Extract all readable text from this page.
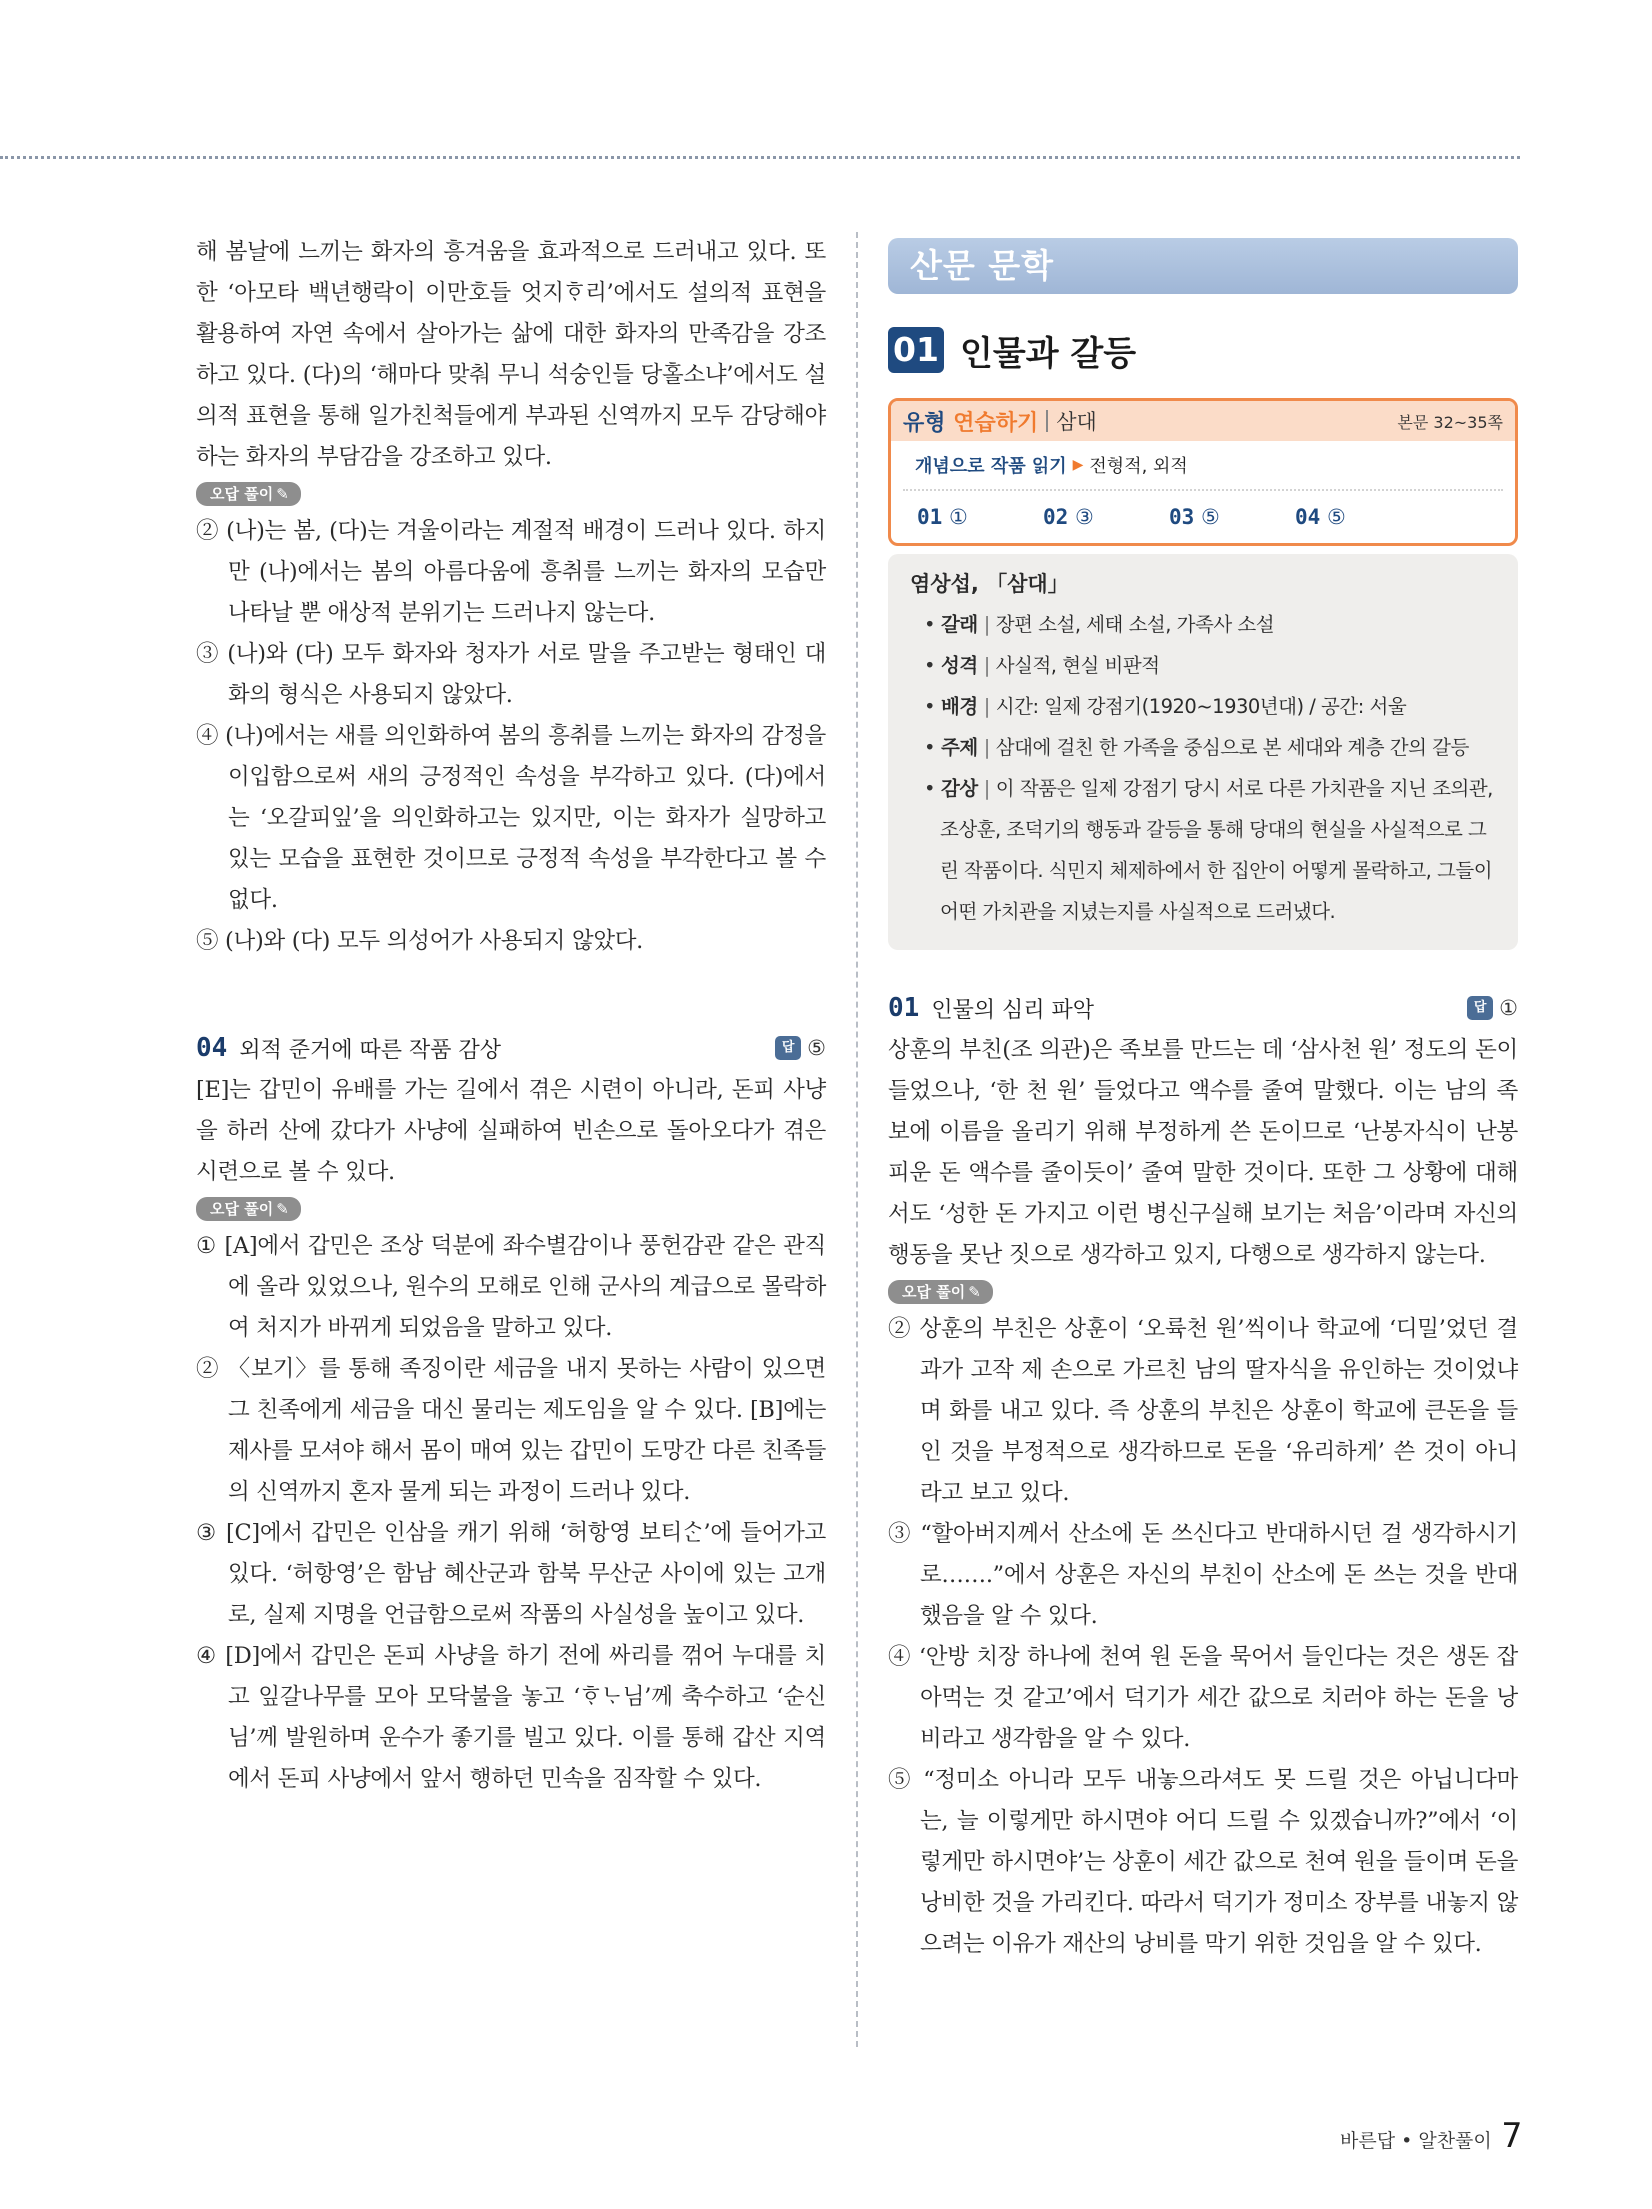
해 봄날에 느끼는 화자의 흥겨움을 효과적으로 드러내고 있다. 또한 ‘아모타 백년행락이 이만호들 엇지ᄒᆞ리’에서도 설의적 표현을 활용하여 자연 속에서 살아가는 삶에 대한 화자의 만족감을 강조하고 있다. (다)의 ‘해마다 맞춰 무니 석숭인들 당홀소냐’에서도 설의적 표현을 통해 일가친척들에게 부과된 신역까지 모두 감당해야 하는 화자의 부담감을 강조하고 있다.

오답 풀이 ✎

② (나)는 봄, (다)는 겨울이라는 계절적 배경이 드러나 있다. 하지만 (나)에서는 봄의 아름다움에 흥취를 느끼는 화자의 모습만 나타날 뿐 애상적 분위기는 드러나지 않는다.

③ (나)와 (다) 모두 화자와 청자가 서로 말을 주고받는 형태인 대화의 형식은 사용되지 않았다.

④ (나)에서는 새를 의인화하여 봄의 흥취를 느끼는 화자의 감정을 이입함으로써 새의 긍정적인 속성을 부각하고 있다. (다)에서는 ‘오갈피잎’을 의인화하고는 있지만, 이는 화자가 실망하고 있는 모습을 표현한 것이므로 긍정적 속성을 부각한다고 볼 수 없다.

⑤ (나)와 (다) 모두 의성어가 사용되지 않았다.

04 외적 준거에 따른 작품 감상	답 ⑤

[E]는 갑민이 유배를 가는 길에서 겪은 시련이 아니라, 돈피 사냥을 하러 산에 갔다가 사냥에 실패하여 빈손으로 돌아오다가 겪은 시련으로 볼 수 있다.

오답 풀이 ✎

① [A]에서 갑민은 조상 덕분에 좌수별감이나 풍헌감관 같은 관직에 올라 있었으나, 원수의 모해로 인해 군사의 계급으로 몰락하여 처지가 바뀌게 되었음을 말하고 있다.

② 〈보기〉를 통해 족징이란 세금을 내지 못하는 사람이 있으면 그 친족에게 세금을 대신 물리는 제도임을 알 수 있다. [B]에는 제사를 모셔야 해서 몸이 매여 있는 갑민이 도망간 다른 친족들의 신역까지 혼자 물게 되는 과정이 드러나 있다.

③ [C]에서 갑민은 인삼을 캐기 위해 ‘허항영 보티ᄉᆞᆫ’에 들어가고 있다. ‘허항영’은 함남 혜산군과 함북 무산군 사이에 있는 고개로, 실제 지명을 언급함으로써 작품의 사실성을 높이고 있다.

④ [D]에서 갑민은 돈피 사냥을 하기 전에 싸리를 꺾어 누대를 치고 잎갈나무를 모아 모닥불을 놓고 ‘ᄒᆞᄂᆞ님’께 축수하고 ‘순신님’께 발원하며 운수가 좋기를 빌고 있다. 이를 통해 갑산 지역에서 돈피 사냥에서 앞서 행하던 민속을 짐작할 수 있다.

산문 문학
01 인물과 갈등
유형 연습하기 삼대	본문 32~35쪽
개념으로 작품 읽기 ▶ 전형적, 외적
01 ①	02 ③	03 ⑤	04 ⑤
염상섭, 「삼대」
• 갈래 | 장편 소설, 세태 소설, 가족사 소설
• 성격 | 사실적, 현실 비판적
• 배경 | 시간: 일제 강점기(1920~1930년대) / 공간: 서울
• 주제 | 삼대에 걸친 한 가족을 중심으로 본 세대와 계층 간의 갈등
• 감상 | 이 작품은 일제 강점기 당시 서로 다른 가치관을 지닌 조의관, 조상훈, 조덕기의 행동과 갈등을 통해 당대의 현실을 사실적으로 그린 작품이다. 식민지 체제하에서 한 집안이 어떻게 몰락하고, 그들이 어떤 가치관을 지녔는지를 사실적으로 드러냈다.
01 인물의 심리 파악	답 ①

상훈의 부친(조 의관)은 족보를 만드는 데 ‘삼사천 원’ 정도의 돈이 들었으나, ‘한 천 원’ 들었다고 액수를 줄여 말했다. 이는 남의 족보에 이름을 올리기 위해 부정하게 쓴 돈이므로 ‘난봉자식이 난봉 피운 돈 액수를 줄이듯이’ 줄여 말한 것이다. 또한 그 상황에 대해서도 ‘성한 돈 가지고 이런 병신구실해 보기는 처음’이라며 자신의 행동을 못난 짓으로 생각하고 있지, 다행으로 생각하지 않는다.

오답 풀이 ✎

② 상훈의 부친은 상훈이 ‘오륙천 원’씩이나 학교에 ‘디밀’었던 결과가 고작 제 손으로 가르친 남의 딸자식을 유인하는 것이었냐며 화를 내고 있다. 즉 상훈의 부친은 상훈이 학교에 큰돈을 들인 것을 부정적으로 생각하므로 돈을 ‘유리하게’ 쓴 것이 아니라고 보고 있다.

③ “할아버지께서 산소에 돈 쓰신다고 반대하시던 걸 생각하시기로…….”에서 상훈은 자신의 부친이 산소에 돈 쓰는 것을 반대했음을 알 수 있다.

④ ‘안방 치장 하나에 천여 원 돈을 묵어서 들인다는 것은 생돈 잡아먹는 것 같고’에서 덕기가 세간 값으로 치러야 하는 돈을 낭비라고 생각함을 알 수 있다.

⑤ “정미소 아니라 모두 내놓으라셔도 못 드릴 것은 아닙니다마는, 늘 이렇게만 하시면야 어디 드릴 수 있겠습니까?”에서 ‘이렇게만 하시면야’는 상훈이 세간 값으로 천여 원을 들이며 돈을 낭비한 것을 가리킨다. 따라서 덕기가 정미소 장부를 내놓지 않으려는 이유가 재산의 낭비를 막기 위한 것임을 알 수 있다.

바른답 • 알찬풀이 7
